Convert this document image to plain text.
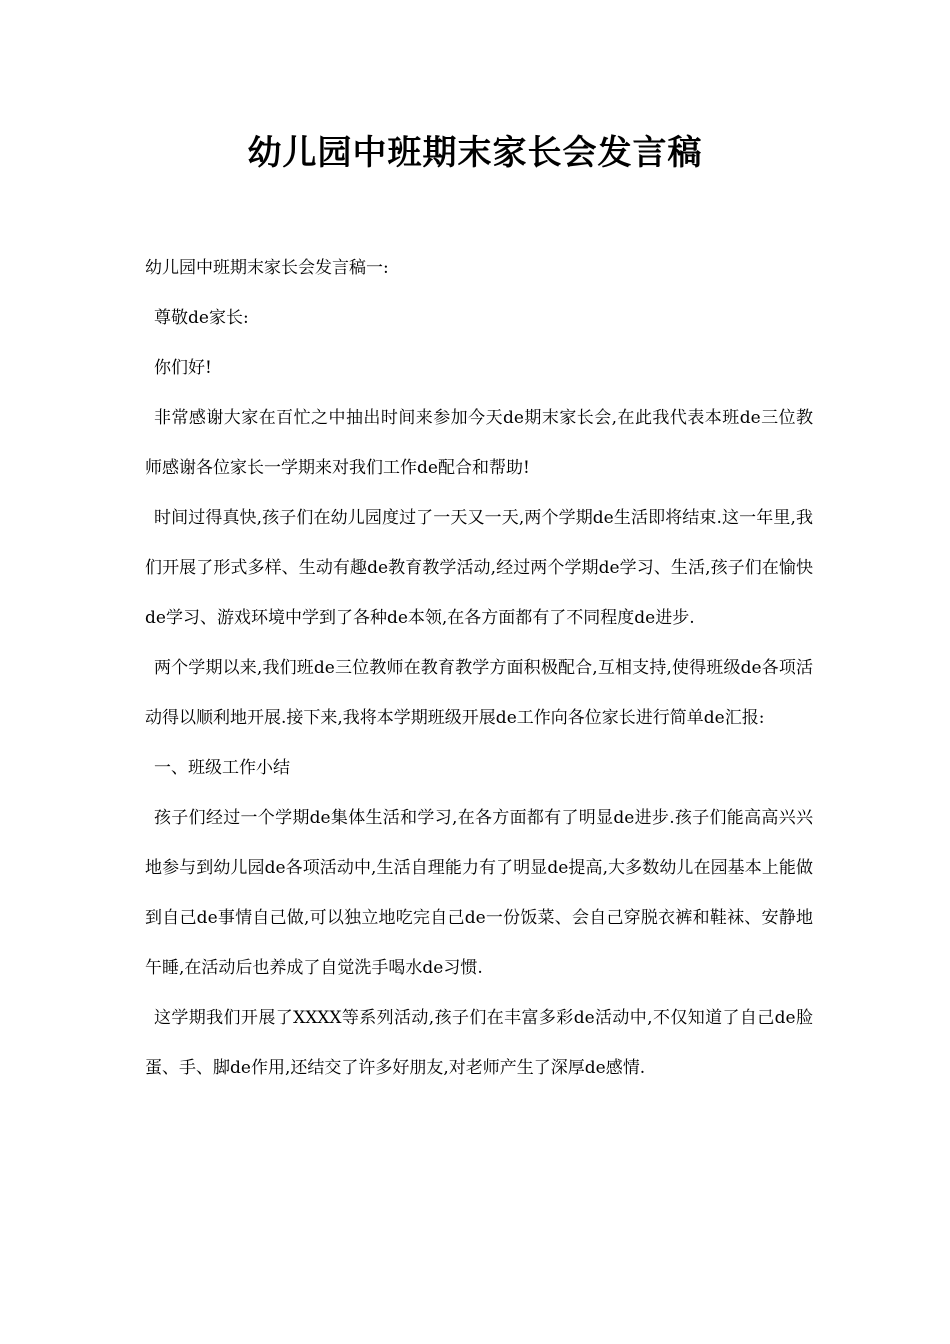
幼儿园中班期末家长会发言稿

幼儿园中班期末家长会发言稿一:

尊敬de家长:

你们好!

非常感谢大家在百忙之中抽出时间来参加今天de期末家长会,在此我代表本班de三位教师感谢各位家长一学期来对我们工作de配合和帮助!

时间过得真快,孩子们在幼儿园度过了一天又一天,两个学期de生活即将结束.这一年里,我们开展了形式多样、生动有趣de教育教学活动,经过两个学期de学习、生活,孩子们在愉快de学习、游戏环境中学到了各种de本领,在各方面都有了不同程度de进步.

两个学期以来,我们班de三位教师在教育教学方面积极配合,互相支持,使得班级de各项活动得以顺利地开展.接下来,我将本学期班级开展de工作向各位家长进行简单de汇报:

一、班级工作小结

孩子们经过一个学期de集体生活和学习,在各方面都有了明显de进步.孩子们能高高兴兴地参与到幼儿园de各项活动中,生活自理能力有了明显de提高,大多数幼儿在园基本上能做到自己de事情自己做,可以独立地吃完自己de一份饭菜、会自己穿脱衣裤和鞋袜、安静地午睡,在活动后也养成了自觉洗手喝水de习惯.

这学期我们开展了XXXX等系列活动,孩子们在丰富多彩de活动中,不仅知道了自己de脸蛋、手、脚de作用,还结交了许多好朋友,对老师产生了深厚de感情.
